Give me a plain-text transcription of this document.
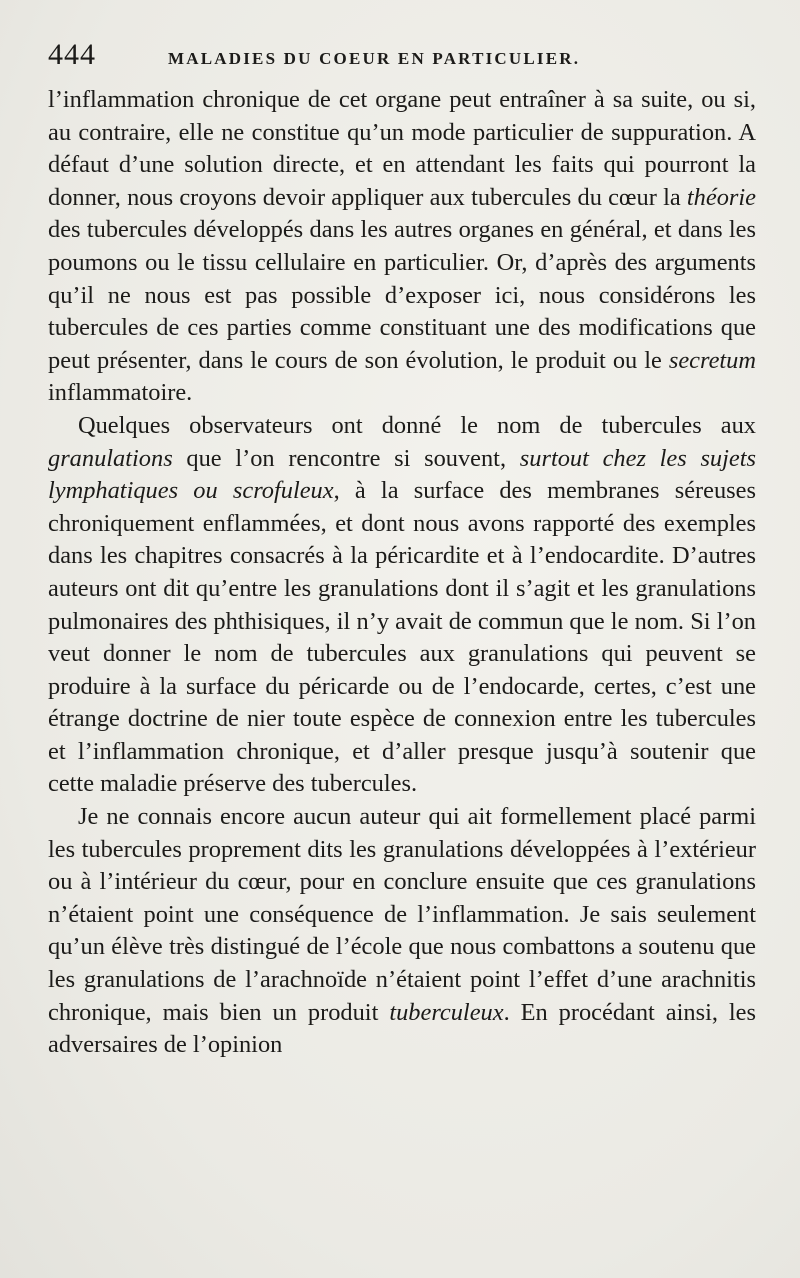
444	MALADIES DU COEUR EN PARTICULIER.

l’inflammation chronique de cet organe peut entraîner à sa suite, ou si, au contraire, elle ne constitue qu’un mode particulier de suppuration. A défaut d’une solution directe, et en attendant les faits qui pourront la donner, nous croyons devoir appliquer aux tubercules du cœur la théorie des tubercules développés dans les autres organes en général, et dans les poumons ou le tissu cellulaire en particulier. Or, d’après des arguments qu’il ne nous est pas possible d’exposer ici, nous considérons les tubercules de ces parties comme constituant une des modifications que peut présenter, dans le cours de son évolution, le produit ou le secretum inflammatoire.

Quelques observateurs ont donné le nom de tubercules aux granulations que l’on rencontre si souvent, surtout chez les sujets lymphatiques ou scrofuleux, à la surface des membranes séreuses chroniquement enflammées, et dont nous avons rapporté des exemples dans les chapitres consacrés à la péricardite et à l’endocardite. D’autres auteurs ont dit qu’entre les granulations dont il s’agit et les granulations pulmonaires des phthisiques, il n’y avait de commun que le nom. Si l’on veut donner le nom de tubercules aux granulations qui peuvent se produire à la surface du péricarde ou de l’endocarde, certes, c’est une étrange doctrine de nier toute espèce de connexion entre les tubercules et l’inflammation chronique, et d’aller presque jusqu’à soutenir que cette maladie préserve des tubercules.

Je ne connais encore aucun auteur qui ait formellement placé parmi les tubercules proprement dits les granulations développées à l’extérieur ou à l’intérieur du cœur, pour en conclure ensuite que ces granulations n’étaient point une conséquence de l’inflammation. Je sais seulement qu’un élève très distingué de l’école que nous combattons a soutenu que les granulations de l’arachnoïde n’étaient point l’effet d’une arachnitis chronique, mais bien un produit tuberculeux. En procédant ainsi, les adversaires de l’opinion
